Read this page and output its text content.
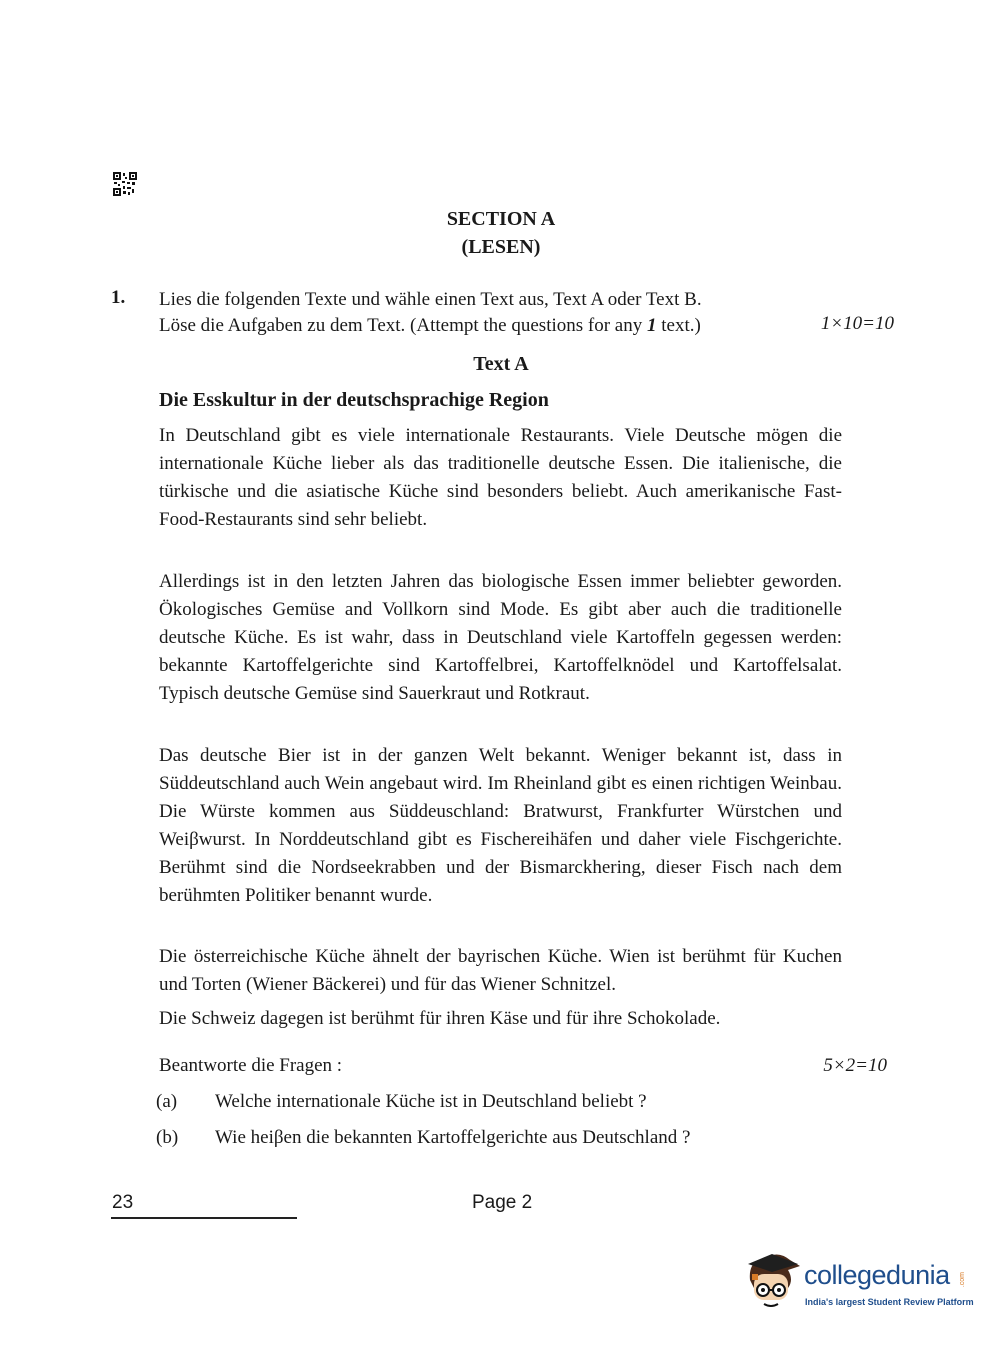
SECTION A
(LESEN)
1. Lies die folgenden Texte und wähle einen Text aus, Text A oder Text B.
Löse die Aufgaben zu dem Text. (Attempt the questions for any 1 text.)	1×10=10
Text A
Die Esskultur in der deutschsprachige Region

In Deutschland gibt es viele internationale Restaurants. Viele Deutsche mögen die internationale Küche lieber als das traditionelle deutsche Essen. Die italienische, die türkische und die asiatische Küche sind besonders beliebt. Auch amerikanische Fast-Food-Restaurants sind sehr beliebt.

Allerdings ist in den letzten Jahren das biologische Essen immer beliebter geworden. Ökologisches Gemüse and Vollkorn sind Mode. Es gibt aber auch die traditionelle deutsche Küche. Es ist wahr, dass in Deutschland viele Kartoffeln gegessen werden: bekannte Kartoffelgerichte sind Kartoffelbrei, Kartoffelknödel und Kartoffelsalat. Typisch deutsche Gemüse sind Sauerkraut und Rotkraut.

Das deutsche Bier ist in der ganzen Welt bekannt. Weniger bekannt ist, dass in Süddeutschland auch Wein angebaut wird. Im Rheinland gibt es einen richtigen Weinbau. Die Würste kommen aus Süddeuschland: Bratwurst, Frankfurter Würstchen und Weiβwurst. In Norddeutschland gibt es Fischereihäfen und daher viele Fischgerichte. Berühmt sind die Nordseekrabben und der Bismarckhering, dieser Fisch nach dem berühmten Politiker benannt wurde.

Die österreichische Küche ähnelt der bayrischen Küche. Wien ist berühmt für Kuchen und Torten (Wiener Bäckerei) und für das Wiener Schnitzel.

Die Schweiz dagegen ist berühmt für ihren Käse und für ihre Schokolade.

Beantworte die Fragen :	5×2=10
(a) Welche internationale Küche ist in Deutschland beliebt ?
(b) Wie heiβen die bekannten Kartoffelgerichte aus Deutschland ?
23	Page 2
collegedunia .com
India's largest Student Review Platform
